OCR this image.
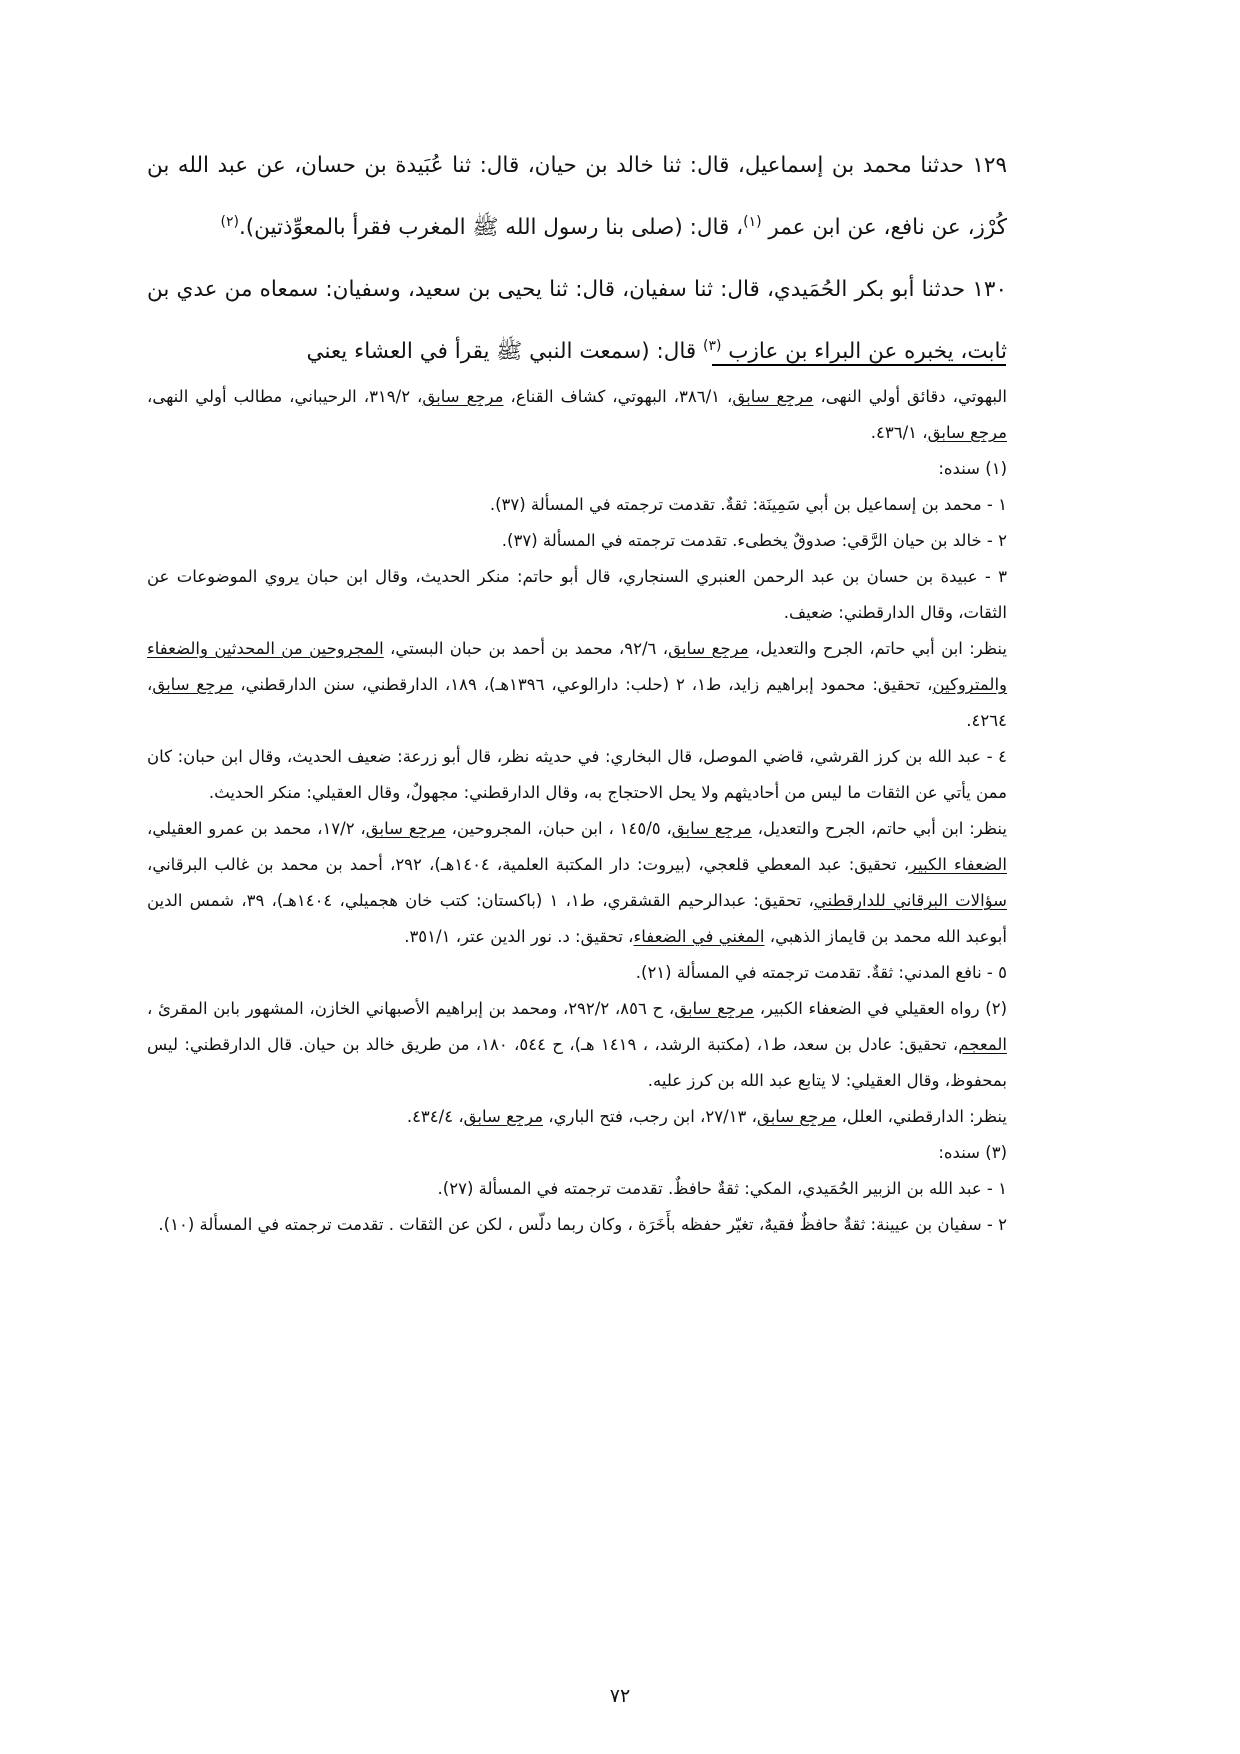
١٢٩ حدثنا محمد بن إسماعيل، قال: ثنا خالد بن حيان، قال: ثنا عُبَيدة بن حسان، عن عبد الله بن كُرْز، عن نافع، عن ابن عمر $^{(١)}$، قال: (صلى بنا رسول الله ﷺ المغرب فقرأ بالمعوِّذتين).$^{(٢)}$

١٣٠ حدثنا أبو بكر الحُمَيدي، قال: ثنا سفيان، قال: ثنا يحيى بن سعيد، وسفيان: سمعاه من عدي بن ثابت، يخبره عن البراء بن عازب $^{(٣)}$ قال: (سمعت النبي ﷺ يقرأ في العشاء يعني

البهوتي، دقائق أولي النهى، مرجع سابق، ٣٨٦/١، البهوتي، كشاف القناع، مرجع سابق، ٣١٩/٢، الرحيباني، مطالب أولي النهى، مرجع سابق، ٤٣٦/١.

(١) سنده:

١ - محمد بن إسماعيل بن أبي سَمِينَة: ثقةٌ. تقدمت ترجمته في المسألة (٣٧).

٢ - خالد بن حيان الرَّقي: صدوقٌ يخطىء. تقدمت ترجمته في المسألة (٣٧).

٣ - عبيدة بن حسان بن عبد الرحمن العنبري السنجاري، قال أبو حاتم: منكر الحديث، وقال ابن حبان يروي الموضوعات عن الثقات، وقال الدارقطني: ضعيف.

ينظر: ابن أبي حاتم، الجرح والتعديل، مرجع سابق، ٩٢/٦، محمد بن أحمد بن حبان البستي، المجروحين من المحدثين والضعفاء والمتروكين، تحقيق: محمود إبراهيم زايد، ط١، ٢ (حلب: دارالوعي، ١٣٩٦هـ)، ١٨٩، الدارقطني، سنن الدارقطني، مرجع سابق، ٤٢٦٤.

٤ - عبد الله بن كرز القرشي، قاضي الموصل، قال البخاري: في حديثه نظر، قال أبو زرعة: ضعيف الحديث، وقال ابن حبان: كان ممن يأتي عن الثقات ما ليس من أحاديثهم ولا يحل الاحتجاج به، وقال الدارقطني: مجهولٌ، وقال العقيلي: منكر الحديث.

ينظر: ابن أبي حاتم، الجرح والتعديل، مرجع سابق، ١٤٥/٥ ، ابن حبان، المجروحين، مرجع سابق، ١٧/٢، محمد بن عمرو العقيلي، الضعفاء الكبير، تحقيق: عبد المعطي قلعجي، (بيروت: دار المكتبة العلمية، ١٤٠٤هـ)، ٢٩٢، أحمد بن محمد بن غالب البرقاني، سؤالات البرقاني للدارقطني، تحقيق: عبدالرحيم القشقري، ط١، ١ (باكستان: كتب خان هجميلي، ١٤٠٤هـ)، ٣٩، شمس الدين أبوعبد الله محمد بن قايماز الذهبي، المغني في الضعفاء، تحقيق: د. نور الدين عتر، ٣٥١/١.

٥ - نافع المدني: ثقةٌ. تقدمت ترجمته في المسألة (٢١).

(٢) رواه العقيلي في الضعفاء الكبير، مرجع سابق، ح ٨٥٦، ٢٩٢/٢، ومحمد بن إبراهيم الأصبهاني الخازن، المشهور بابن المقرئ ، المعجم، تحقيق: عادل بن سعد، ط١، (مكتبة الرشد، ، ١٤١٩ هـ)، ح ٥٤٤، ١٨٠، من طريق خالد بن حيان. قال الدارقطني: ليس بمحفوظ، وقال العقيلي: لا يتابع عبد الله بن كرز عليه.

ينظر: الدارقطني، العلل، مرجع سابق، ٢٧/١٣، ابن رجب، فتح الباري، مرجع سابق، ٤٣٤/٤.

(٣) سنده:

١ - عبد الله بن الزبير الحُمَيدي، المكي: ثقةٌ حافظٌ. تقدمت ترجمته في المسألة (٢٧).

٢ - سفيان بن عيينة: ثقةٌ حافظٌ فقيهٌ، تغيّر حفظه بأَخَرَة ، وكان ربما دلّس ، لكن عن الثقات . تقدمت ترجمته في المسألة (١٠).

٧٢
